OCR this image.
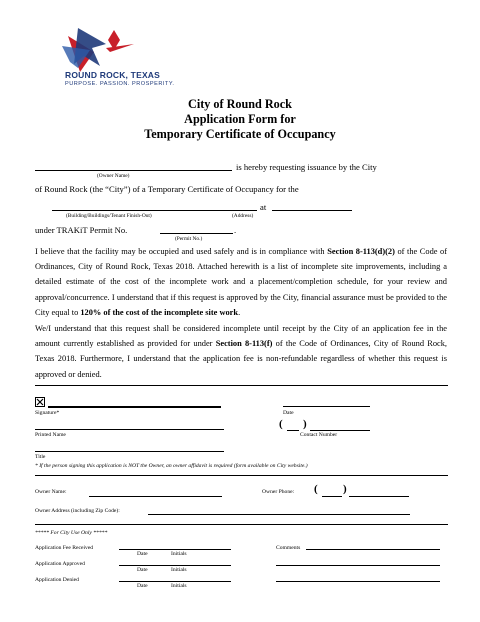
ROUND ROCK, TEXAS
PURPOSE. PASSION. PROSPERITY.
City of Round Rock
Application Form for
Temporary Certificate of Occupancy
is hereby requesting issuance by the City
(Owner Name)
of Round Rock (the “City”) of a Temporary Certificate of Occupancy for the
at
(Building/Buildings/Tenant Finish-Out)	(Address)
under TRAKiT Permit No.	.
(Permit No.)
I believe that the facility may be occupied and used safely and is in compliance with Section 8-113(d)(2) of the Code of Ordinances, City of Round Rock, Texas 2018. Attached herewith is a list of incomplete site improvements, including a detailed estimate of the cost of the incomplete work and a placement/completion schedule, for your review and approval/concurrence. I understand that if this request is approved by the City, financial assurance must be provided to the City equal to 120% of the cost of the incomplete site work.
We/I understand that this request shall be considered incomplete until receipt by the City of an application fee in the amount currently established as provided for under Section 8-113(f) of the Code of Ordinances, City of Round Rock, Texas 2018. Furthermore, I understand that the application fee is non-refundable regardless of whether this request is approved or denied.
Signature*	Date
Printed Name
( )
Contact Number
Title
* If the person signing this application is NOT the Owner, an owner affidavit is required (form available on City website.)
Owner Name:	Owner Phone: ( )
Owner Address (including Zip Code):
***** For City Use Only *****
Application Fee Received
Date	Initials
Application Approved
Date	Initials
Application Denied
Date	Initials
Comments
